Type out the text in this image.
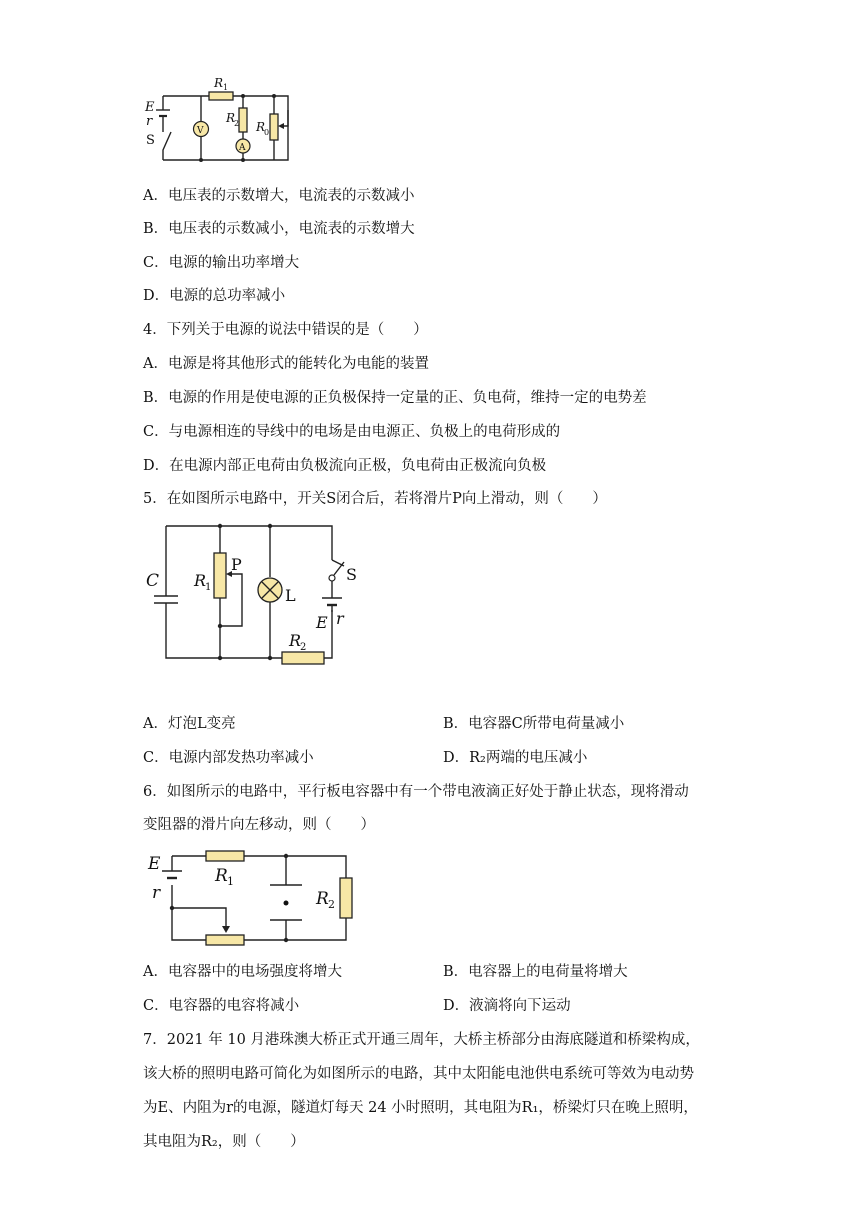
E
r
S
R 1
R
2 R
0
V
A
C R
1
P
L
S
E r
R
2
E
r
R 1
R 2
A．电压表的示数增大，电流表的示数减小
B．电压表的示数减小，电流表的示数增大
C．电源的输出功率增大
D．电源的总功率减小
4．下列关于电源的说法中错误的是（　　）
A．电源是将其他形式的能转化为电能的装置
B．电源的作用是使电源的正负极保持一定量的正、负电荷，维持一定的电势差
C．与电源相连的导线中的电场是由电源正、负极上的电荷形成的
D．在电源内部正电荷由负极流向正极，负电荷由正极流向负极
5．在如图所示电路中，开关S闭合后，若将滑片P向上滑动，则（　　）
A．灯泡L变亮	B．电容器C所带电荷量减小
C．电源内部发热功率减小	D．R₂两端的电压减小
6．如图所示的电路中，平行板电容器中有一个带电液滴正好处于静止状态，现将滑动
变阻器的滑片向左移动，则（　　）
A．电容器中的电场强度将增大	B．电容器上的电荷量将增大
C．电容器的电容将减小	D．液滴将向下运动
7．2021 年 10 月港珠澳大桥正式开通三周年，大桥主桥部分由海底隧道和桥梁构成，
该大桥的照明电路可简化为如图所示的电路，其中太阳能电池供电系统可等效为电动势
为E、内阻为r的电源，隧道灯每天 24 小时照明，其电阻为R₁，桥梁灯只在晚上照明，
其电阻为R₂，则（　　）
